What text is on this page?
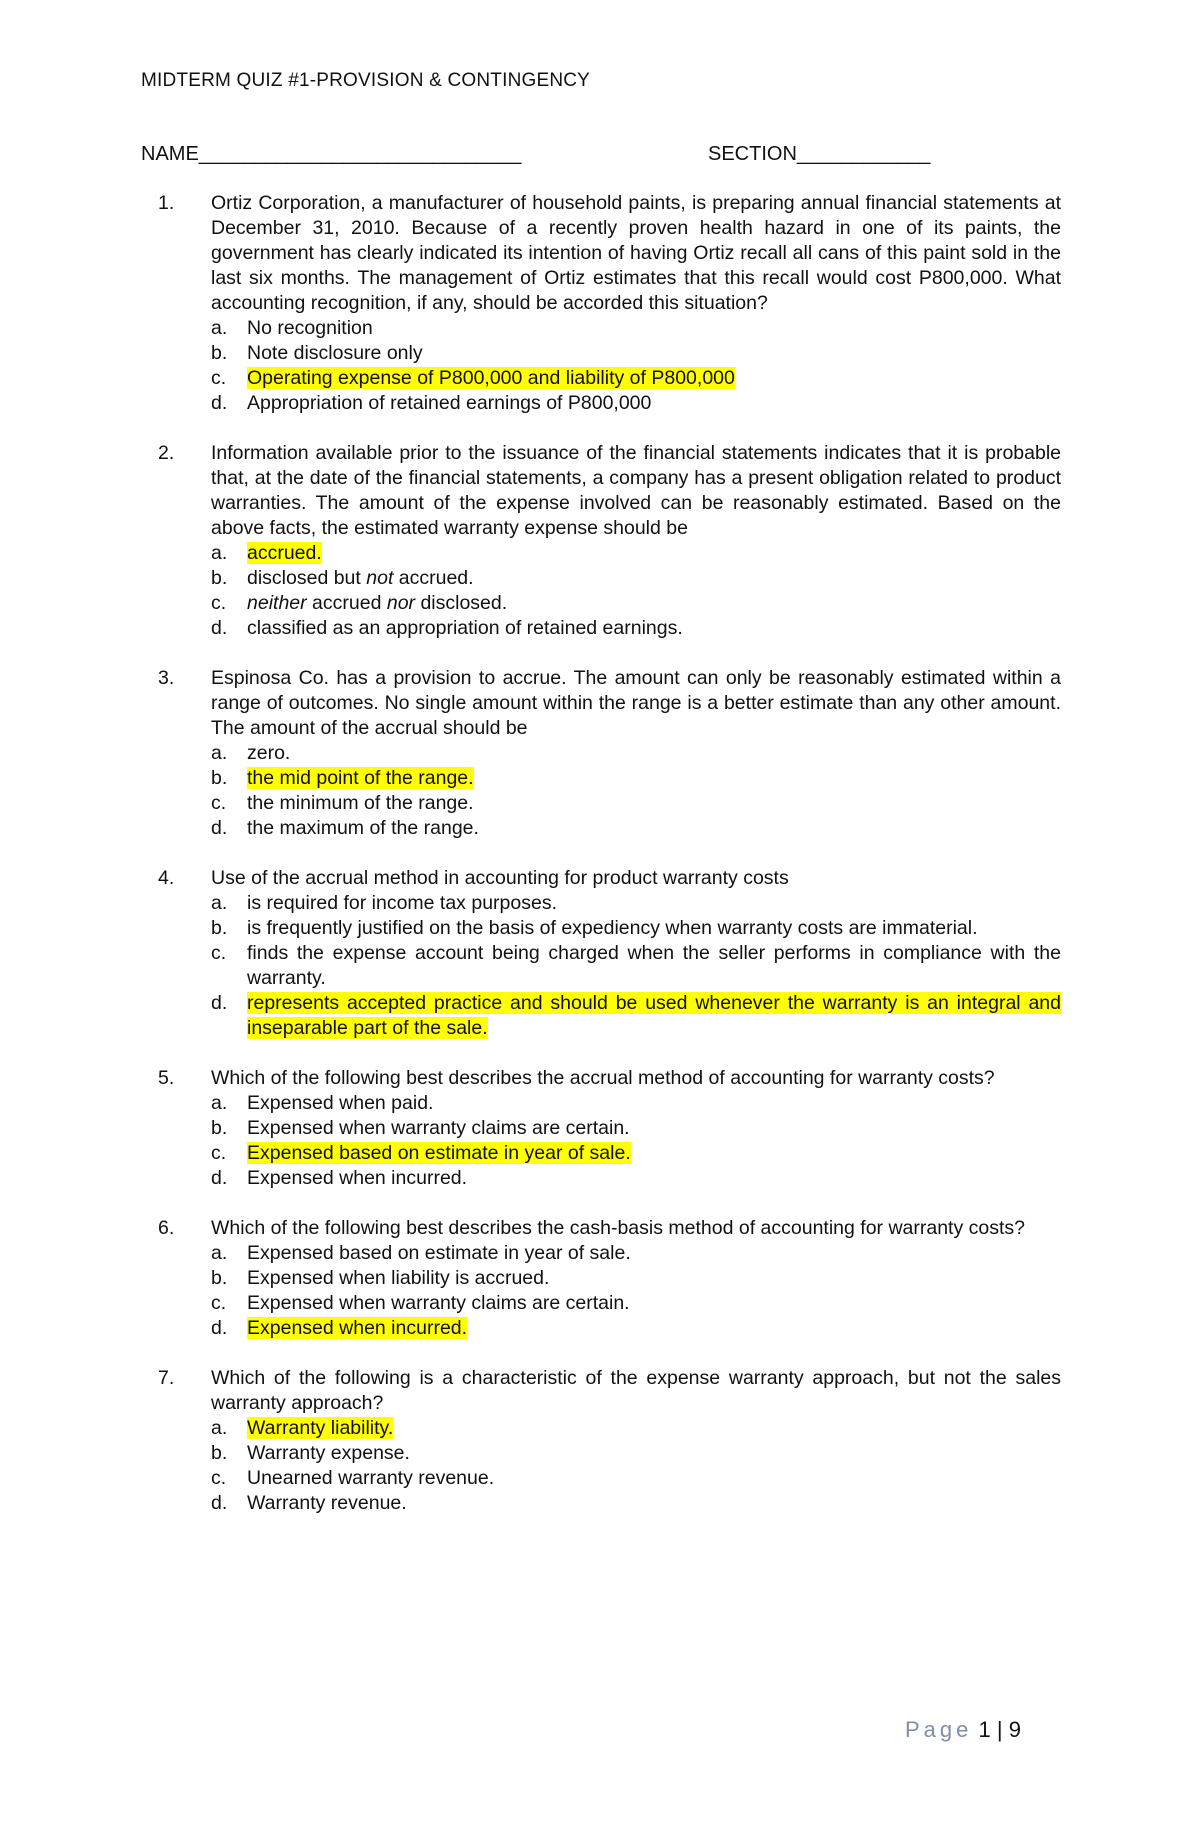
MIDTERM QUIZ #1-PROVISION & CONTINGENCY
NAME_____________________________	SECTION____________
1. Ortiz Corporation, a manufacturer of household paints, is preparing annual financial statements at December 31, 2010. Because of a recently proven health hazard in one of its paints, the government has clearly indicated its intention of having Ortiz recall all cans of this paint sold in the last six months. The management of Ortiz estimates that this recall would cost P800,000. What accounting recognition, if any, should be accorded this situation?
a. No recognition
b. Note disclosure only
c. Operating expense of P800,000 and liability of P800,000
d. Appropriation of retained earnings of P800,000
2. Information available prior to the issuance of the financial statements indicates that it is probable that, at the date of the financial statements, a company has a present obligation related to product warranties. The amount of the expense involved can be reasonably estimated. Based on the above facts, the estimated warranty expense should be
a. accrued.
b. disclosed but not accrued.
c. neither accrued nor disclosed.
d. classified as an appropriation of retained earnings.
3. Espinosa Co. has a provision to accrue. The amount can only be reasonably estimated within a range of outcomes. No single amount within the range is a better estimate than any other amount. The amount of the accrual should be
a. zero.
b. the mid point of the range.
c. the minimum of the range.
d. the maximum of the range.
4. Use of the accrual method in accounting for product warranty costs
a. is required for income tax purposes.
b. is frequently justified on the basis of expediency when warranty costs are immaterial.
c. finds the expense account being charged when the seller performs in compliance with the warranty.
d. represents accepted practice and should be used whenever the warranty is an integral and inseparable part of the sale.
5. Which of the following best describes the accrual method of accounting for warranty costs?
a. Expensed when paid.
b. Expensed when warranty claims are certain.
c. Expensed based on estimate in year of sale.
d. Expensed when incurred.
6. Which of the following best describes the cash-basis method of accounting for warranty costs?
a. Expensed based on estimate in year of sale.
b. Expensed when liability is accrued.
c. Expensed when warranty claims are certain.
d. Expensed when incurred.
7. Which of the following is a characteristic of the expense warranty approach, but not the sales warranty approach?
a. Warranty liability.
b. Warranty expense.
c. Unearned warranty revenue.
d. Warranty revenue.
Page 1 | 9
